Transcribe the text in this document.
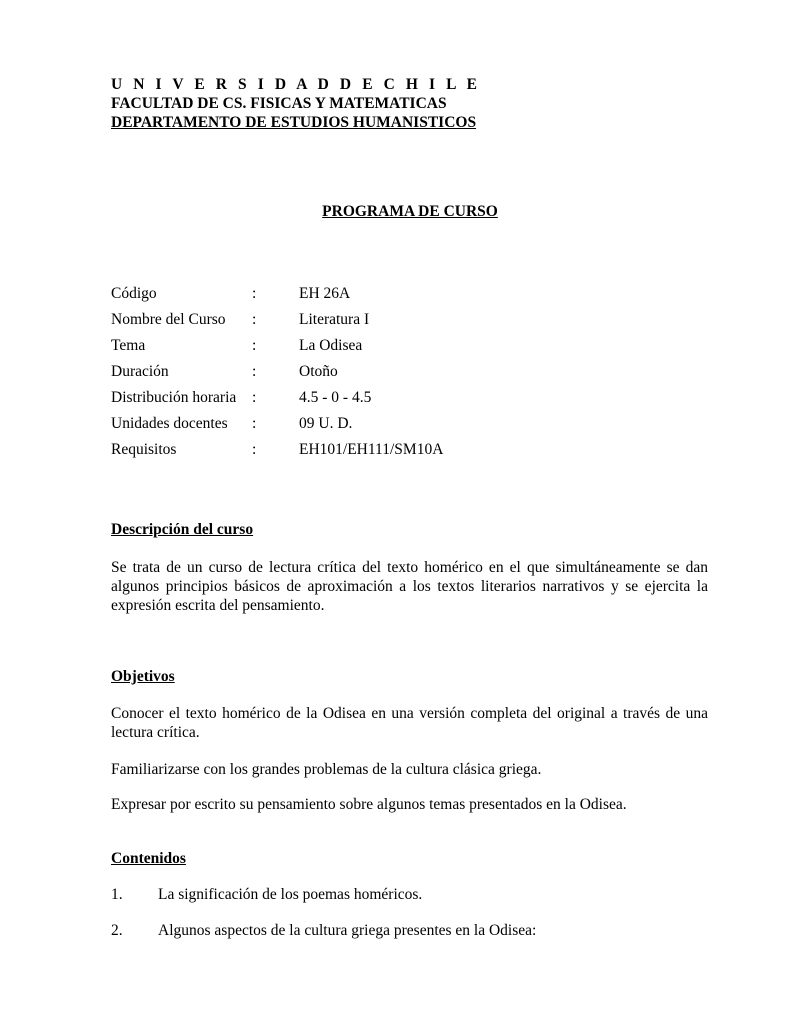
U N I V E R S I D A D D E C H I L E
FACULTAD DE CS. FISICAS Y MATEMATICAS
DEPARTAMENTO DE ESTUDIOS HUMANISTICOS
PROGRAMA DE CURSO
Código	:	EH 26A
Nombre del Curso :	Literatura I
Tema	:	La Odisea
Duración	:	Otoño
Distribución horaria :	4.5 - 0 - 4.5
Unidades docentes :	09 U. D.
Requisitos	:	EH101/EH111/SM10A
Descripción del curso
Se trata de un curso de lectura crítica del texto homérico en el que simultáneamente se dan algunos principios básicos de aproximación a los textos literarios narrativos y se ejercita la expresión escrita del pensamiento.
Objetivos
Conocer el texto homérico de la Odisea en una versión completa del original a través de una lectura crítica.
Familiarizarse con los grandes problemas de la cultura clásica griega.
Expresar por escrito su pensamiento sobre algunos temas presentados en la Odisea.
Contenidos
1. La significación de los poemas homéricos.
2. Algunos aspectos de la cultura griega presentes en la Odisea:
